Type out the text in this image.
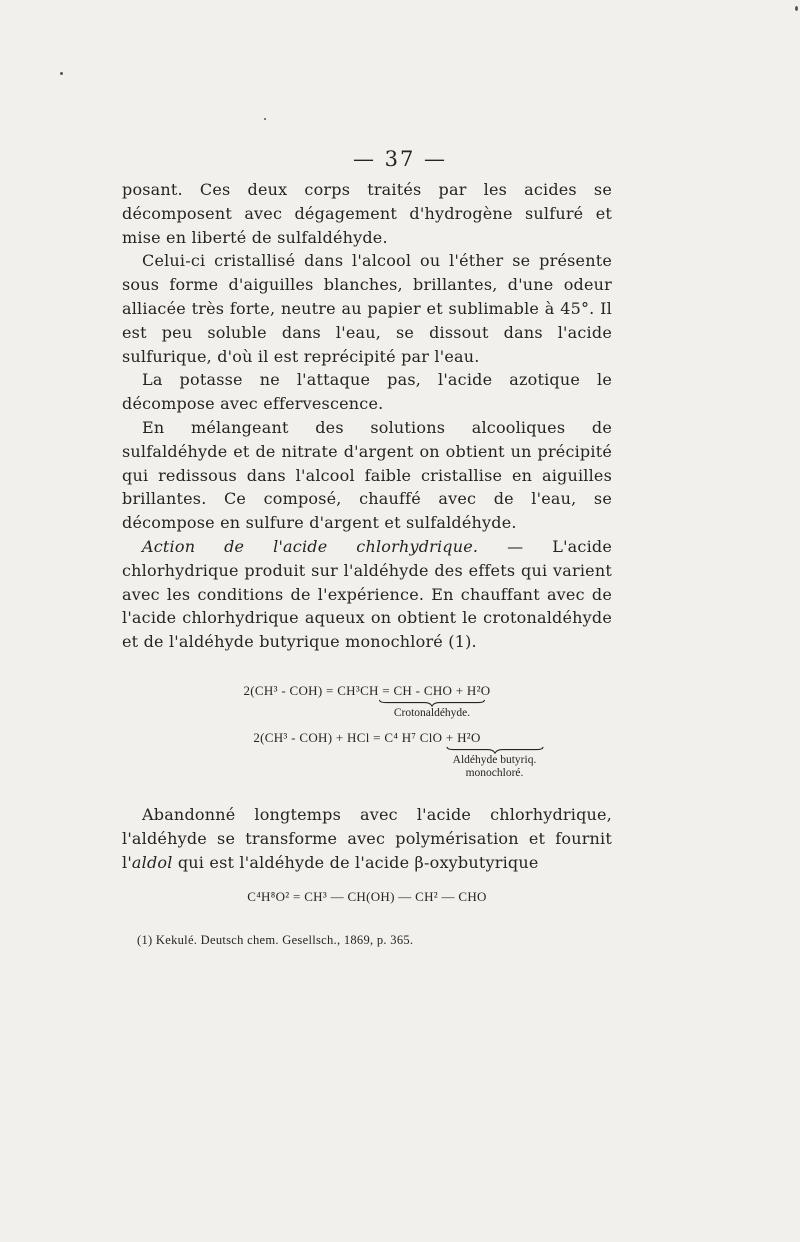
— 37 —

posant. Ces deux corps traités par les acides se décomposent avec dégagement d'hydrogène sulfuré et mise en liberté de sulfaldéhyde.

Celui-ci cristallisé dans l'alcool ou l'éther se présente sous forme d'aiguilles blanches, brillantes, d'une odeur alliacée très forte, neutre au papier et sublimable à 45°. Il est peu soluble dans l'eau, se dissout dans l'acide sulfurique, d'où il est reprécipité par l'eau.

La potasse ne l'attaque pas, l'acide azotique le décompose avec effervescence.

En mélangeant des solutions alcooliques de sulfaldéhyde et de nitrate d'argent on obtient un précipité qui redissous dans l'alcool faible cristallise en aiguilles brillantes. Ce composé, chauffé avec de l'eau, se décompose en sulfure d'argent et sulfaldéhyde.

Action de l'acide chlorhydrique. — L'acide chlorhydrique produit sur l'aldéhyde des effets qui varient avec les conditions de l'expérience. En chauffant avec de l'acide chlorhydrique aqueux on obtient le crotonaldéhyde et de l'aldéhyde butyrique monochloré (1).

2(CH³ - COH) = CH³CH = CH - CHO + H²O
Crotonaldéhyde.
2(CH³ - COH) + HCl = C⁴ H⁷ ClO + H²O
Aldéhyde butyriq.
monochloré.

Abandonné longtemps avec l'acide chlorhydrique, l'aldéhyde se transforme avec polymérisation et fournit l'aldol qui est l'aldéhyde de l'acide β-oxybutyrique

C⁴H⁸O² = CH³ — CH(OH) — CH² — CHO
(1) Kekulé. Deutsch chem. Gesellsch., 1869, p. 365.
